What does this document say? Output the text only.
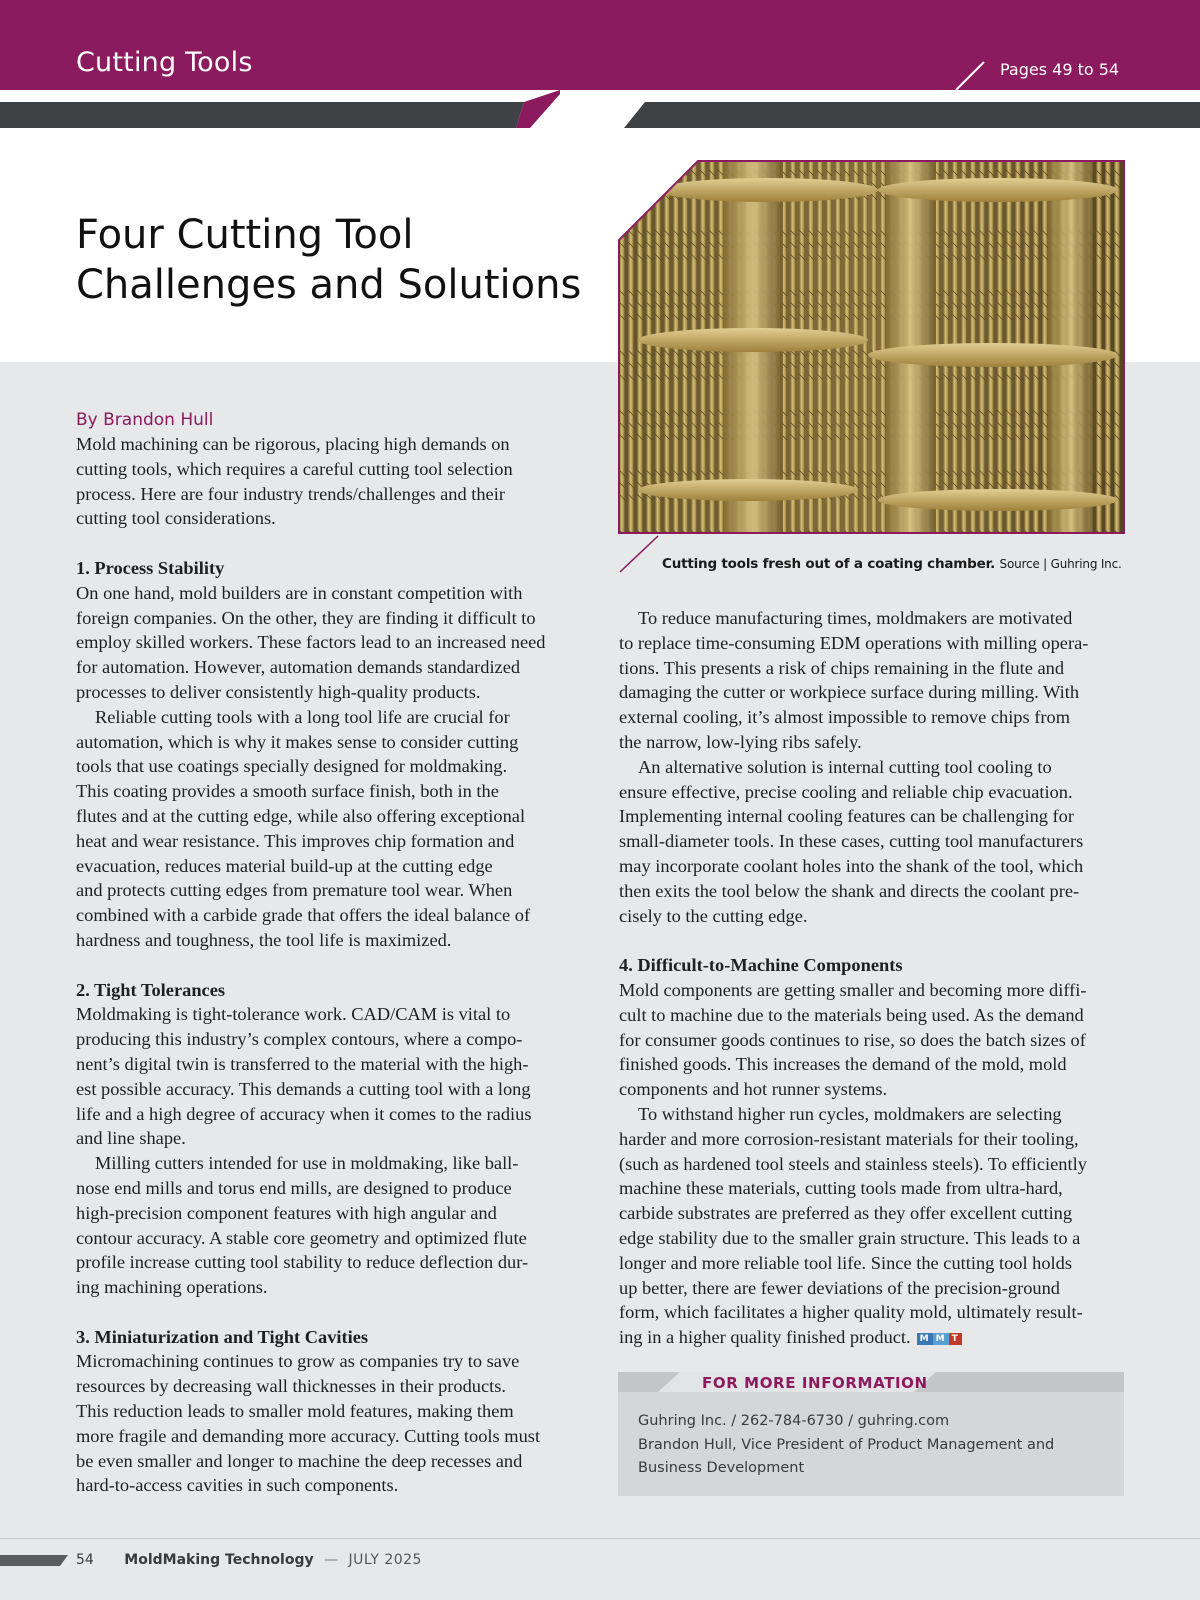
Cutting Tools	Pages 49 to 54
Four Cutting Tool
Challenges and Solutions
Cutting tools fresh out of a coating chamber. Source | Guhring Inc.
By Brandon Hull
Mold machining can be rigorous, placing high demands on
cutting tools, which requires a careful cutting tool selection
process. Here are four industry trends/challenges and their
cutting tool considerations.
1. Process Stability
On one hand, mold builders are in constant competition with
foreign companies. On the other, they are finding it difficult to
employ skilled workers. These factors lead to an increased need
for automation. However, automation demands standardized
processes to deliver consistently high-quality products.
Reliable cutting tools with a long tool life are crucial for
automation, which is why it makes sense to consider cutting
tools that use coatings specially designed for moldmaking.
This coating provides a smooth surface finish, both in the
flutes and at the cutting edge, while also offering exceptional
heat and wear resistance. This improves chip formation and
evacuation, reduces material build-up at the cutting edge
and protects cutting edges from premature tool wear. When
combined with a carbide grade that offers the ideal balance of
hardness and toughness, the tool life is maximized.
2. Tight Tolerances
Moldmaking is tight-tolerance work. CAD/CAM is vital to
producing this industry’s complex contours, where a compo-
nent’s digital twin is transferred to the material with the high-
est possible accuracy. This demands a cutting tool with a long
life and a high degree of accuracy when it comes to the radius
and line shape.
Milling cutters intended for use in moldmaking, like ball-
nose end mills and torus end mills, are designed to produce
high-precision component features with high angular and
contour accuracy. A stable core geometry and optimized flute
profile increase cutting tool stability to reduce deflection dur-
ing machining operations.
3. Miniaturization and Tight Cavities
Micromachining continues to grow as companies try to save
resources by decreasing wall thicknesses in their products.
This reduction leads to smaller mold features, making them
more fragile and demanding more accuracy. Cutting tools must
be even smaller and longer to machine the deep recesses and
hard-to-access cavities in such components.
To reduce manufacturing times, moldmakers are motivated
to replace time-consuming EDM operations with milling opera-
tions. This presents a risk of chips remaining in the flute and
damaging the cutter or workpiece surface during milling. With
external cooling, it’s almost impossible to remove chips from
the narrow, low-lying ribs safely.
An alternative solution is internal cutting tool cooling to
ensure effective, precise cooling and reliable chip evacuation.
Implementing internal cooling features can be challenging for
small-diameter tools. In these cases, cutting tool manufacturers
may incorporate coolant holes into the shank of the tool, which
then exits the tool below the shank and directs the coolant pre-
cisely to the cutting edge.
4. Difficult-to-Machine Components
Mold components are getting smaller and becoming more diffi-
cult to machine due to the materials being used. As the demand
for consumer goods continues to rise, so does the batch sizes of
finished goods. This increases the demand of the mold, mold
components and hot runner systems.
To withstand higher run cycles, moldmakers are selecting
harder and more corrosion-resistant materials for their tooling,
(such as hardened tool steels and stainless steels). To efficiently
machine these materials, cutting tools made from ultra-hard,
carbide substrates are preferred as they offer excellent cutting
edge stability due to the smaller grain structure. This leads to a
longer and more reliable tool life. Since the cutting tool holds
up better, there are fewer deviations of the precision-ground
form, which facilitates a higher quality mold, ultimately result-
ing in a higher quality finished product. M M T
FOR MORE INFORMATION
Guhring Inc. / 262-784-6730 / guhring.com
Brandon Hull, Vice President of Product Management and
Business Development
54 MoldMaking Technology — JULY 2025
